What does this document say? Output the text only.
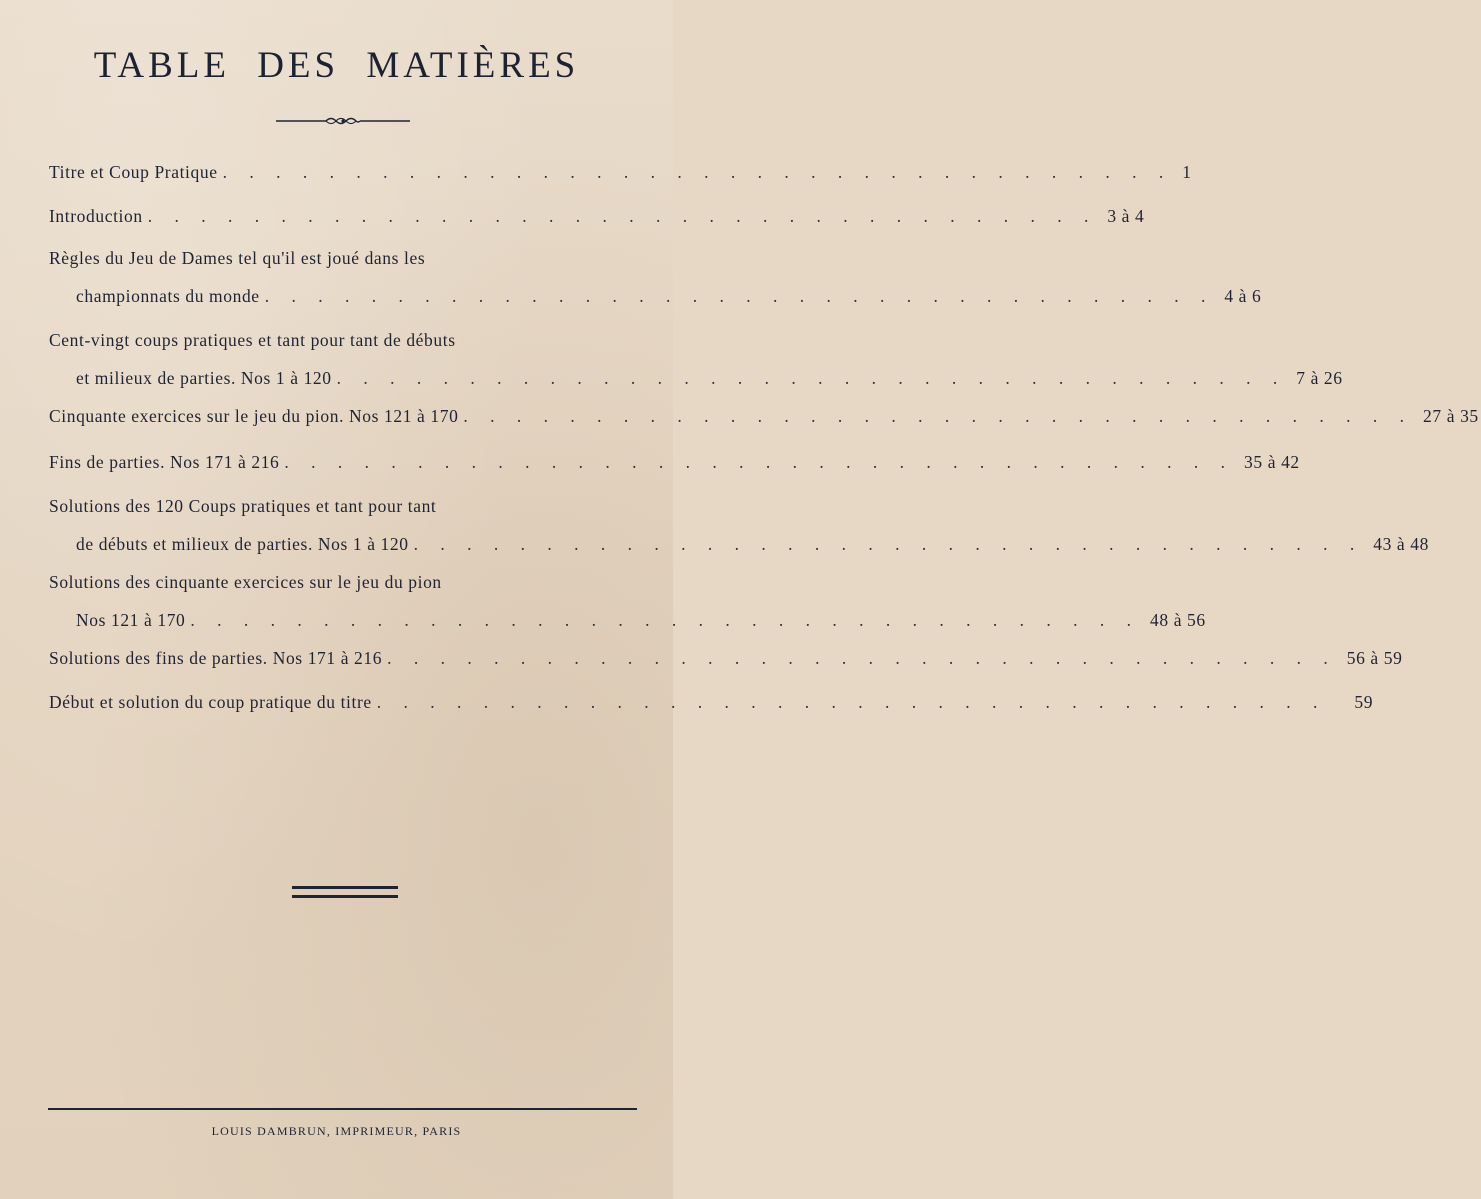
TABLE DES MATIÈRES
Titre et Coup Pratique . . . . . . . . . . . . . . . . . . . . . . . . . . . . . . . . . . . . 1
Introduction . . . . . . . . . . . . . . . . . . . . . . . . . . . . . . . . . . . . 3 à 4
Règles du Jeu de Dames tel qu'il est joué dans les
championnats du monde . . . . . . . . . . . . . . . . . . . . . . . . . . . . . . . . . . . . 4 à 6
Cent-vingt coups pratiques et tant pour tant de débuts
et milieux de parties. Nos 1 à 120 . . . . . . . . . . . . . . . . . . . . . . . . . . . . . . . . . . . . 7 à 26
Cinquante exercices sur le jeu du pion. Nos 121 à 170 . . . . . . . . . . . . . . . . . . . . . . . . . . . . . . . . . . . . 27 à 35
Fins de parties. Nos 171 à 216 . . . . . . . . . . . . . . . . . . . . . . . . . . . . . . . . . . . . 35 à 42
Solutions des 120 Coups pratiques et tant pour tant
de débuts et milieux de parties. Nos 1 à 120 . . . . . . . . . . . . . . . . . . . . . . . . . . . . . . . . . . . . 43 à 48
Solutions des cinquante exercices sur le jeu du pion
Nos 121 à 170 . . . . . . . . . . . . . . . . . . . . . . . . . . . . . . . . . . . . 48 à 56
Solutions des fins de parties. Nos 171 à 216 . . . . . . . . . . . . . . . . . . . . . . . . . . . . . . . . . . . . 56 à 59
Début et solution du coup pratique du titre . . . . . . . . . . . . . . . . . . . . . . . . . . . . . . . . . . . .	59
LOUIS DAMBRUN, IMPRIMEUR, PARIS
